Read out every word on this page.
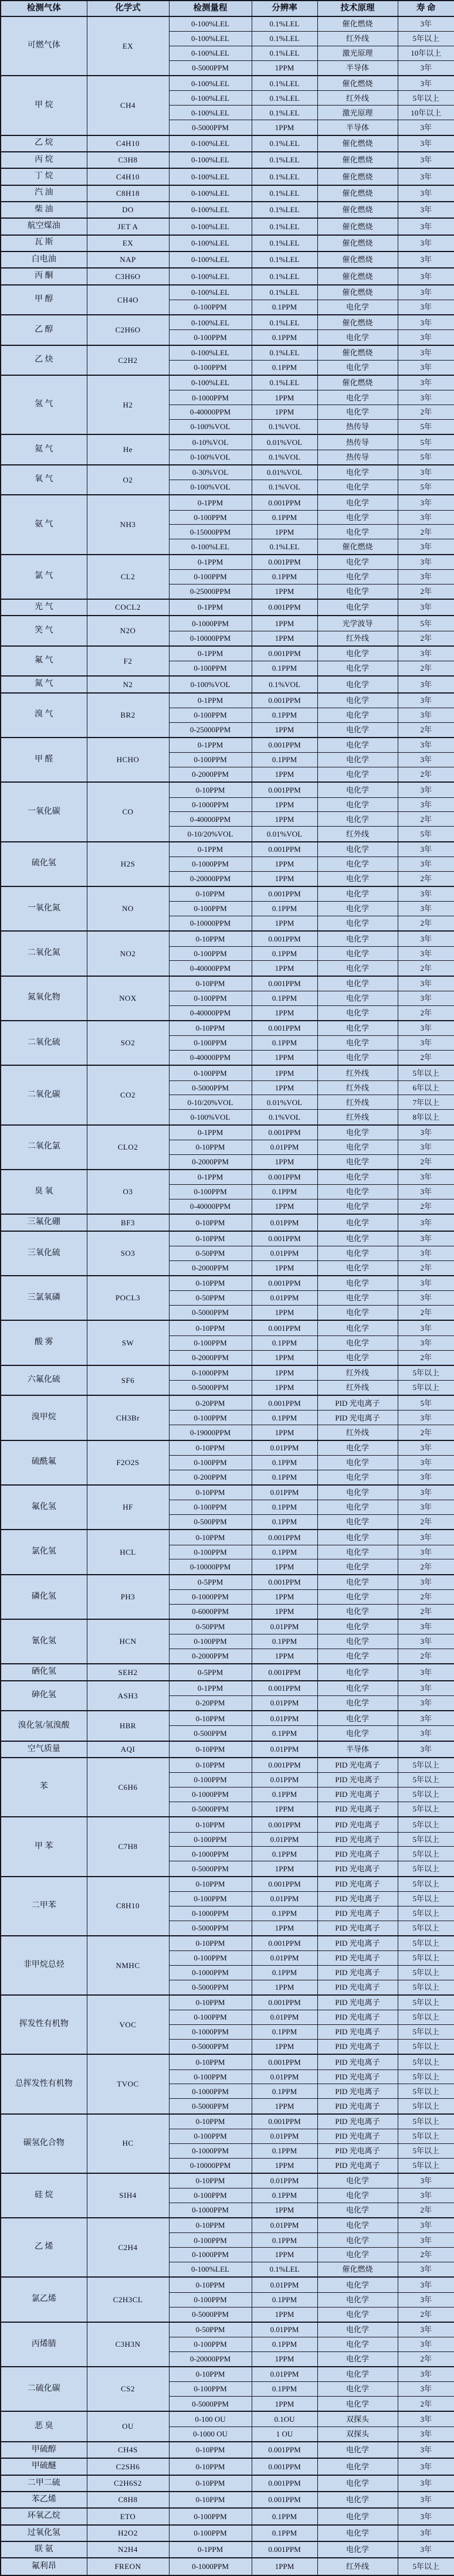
检测气体	化学式	检测量程	分辨率	技术原理	寿 命
可燃气体	EX	0-100%LEL	0.1%LEL	催化燃烧	3年
		0-100%LEL	0.1%LEL	红外线	5年以上
		0-100%LEL	0.1%LEL	激光原理	10年以上
		0-5000PPM	1PPM	半导体	3年
甲 烷	CH4	0-100%LEL	0.1%LEL	催化燃烧	3年
		0-100%LEL	0.1%LEL	红外线	5年以上
		0-100%LEL	0.1%LEL	激光原理	10年以上
		0-5000PPM	1PPM	半导体	3年
乙 烷	C4H10	0-100%LEL	0.1%LEL	催化燃烧	3年
丙 烷	C3H8	0-100%LEL	0.1%LEL	催化燃烧	3年
丁 烷	C4H10	0-100%LEL	0.1%LEL	催化燃烧	3年
汽 油	C8H18	0-100%LEL	0.1%LEL	催化燃烧	3年
柴 油	DO	0-100%LEL	0.1%LEL	催化燃烧	3年
航空煤油	JET A	0-100%LEL	0.1%LEL	催化燃烧	3年
瓦 斯	EX	0-100%LEL	0.1%LEL	催化燃烧	3年
白电油	NAP	0-100%LEL	0.1%LEL	催化燃烧	3年
丙 酮	C3H6O	0-100%LEL	0.1%LEL	催化燃烧	3年
甲 醇	CH4O	0-100%LEL	0.1%LEL	催化燃烧	3年
		0-100PPM	0.1PPM	电化学	3年
乙 醇	C2H6O	0-100%LEL	0.1%LEL	催化燃烧	3年
		0-100PPM	0.1PPM	电化学	3年
乙 炔	C2H2	0-100%LEL	0.1%LEL	催化燃烧	3年
		0-100PPM	0.1PPM	电化学	3年
氢 气	H2	0-100%LEL	0.1%LEL	催化燃烧	3年
		0-1000PPM	1PPM	电化学	3年
		0-40000PPM	1PPM	电化学	2年
		0-100%VOL	0.1%VOL	热传导	5年
氦 气	He	0-10%VOL	0.01%VOL	热传导	5年
		0-100%VOL	0.1%VOL	热传导	5年
氧 气	O2	0-30%VOL	0.01%VOL	电化学	3年
		0-100%VOL	0.1%VOL	电化学	5年
氨 气	NH3	0-1PPM	0.001PPM	电化学	3年
		0-100PPM	0.1PPM	电化学	3年
		0-15000PPM	1PPM	电化学	2年
		0-100%LEL	0.1%LEL	催化燃烧	3年
氯 气	CL2	0-1PPM	0.001PPM	电化学	3年
		0-100PPM	0.1PPM	电化学	3年
		0-25000PPM	1PPM	电化学	2年
光 气	COCL2	0-1PPM	0.001PPM	电化学	3年
笑 气	N2O	0-1000PPM	1PPM	光学波导	5年
		0-10000PPM	1PPM	红外线	2年
氟 气	F2	0-1PPM	0.001PPM	电化学	3年
		0-100PPM	0.1PPM	电化学	2年
氮 气	N2	0-100%VOL	0.1%VOL	电化学	3年
溴 气	BR2	0-1PPM	0.001PPM	电化学	3年
		0-100PPM	0.1PPM	电化学	3年
		0-25000PPM	1PPM	电化学	2年
甲 醛	HCHO	0-1PPM	0.001PPM	电化学	3年
		0-100PPM	0.1PPM	电化学	3年
		0-2000PPM	1PPM	电化学	2年
一氧化碳	CO	0-10PPM	0.001PPM	电化学	3年
		0-1000PPM	1PPM	电化学	3年
		0-40000PPM	1PPM	电化学	2年
		0-10/20%VOL	0.01%VOL	红外线	5年
硫化氢	H2S	0-1PPM	0.001PPM	电化学	3年
		0-1000PPM	1PPM	电化学	3年
		0-20000PPM	1PPM	电化学	2年
一氧化氮	NO	0-10PPM	0.001PPM	电化学	3年
		0-100PPM	0.1PPM	电化学	3年
		0-10000PPM	1PPM	电化学	2年
二氧化氮	NO2	0-10PPM	0.001PPM	电化学	3年
		0-100PPM	0.1PPM	电化学	3年
		0-40000PPM	1PPM	电化学	2年
氮氧化物	NOX	0-10PPM	0.001PPM	电化学	3年
		0-100PPM	0.1PPM	电化学	3年
		0-40000PPM	1PPM	电化学	2年
二氧化硫	SO2	0-10PPM	0.001PPM	电化学	3年
		0-100PPM	0.1PPM	电化学	3年
		0-40000PPM	1PPM	电化学	2年
二氧化碳	CO2	0-100PPM	1PPM	红外线	5年以上
		0-5000PPM	1PPM	红外线	6年以上
		0-10/20%VOL	0.01%VOL	红外线	7年以上
		0-100%VOL	0.1%VOL	红外线	8年以上
二氧化氯	CLO2	0-1PPM	0.001PPM	电化学	3年
		0-10PPM	0.01PPM	电化学	3年
		0-2000PPM	1PPM	电化学	2年
臭 氧	O3	0-1PPM	0.001PPM	电化学	3年
		0-100PPM	0.1PPM	电化学	3年
		0-40000PPM	1PPM	电化学	2年
三氟化硼	BF3	0-10PPM	0.01PPM	电化学	3年
三氧化硫	SO3	0-10PPM	0.001PPM	电化学	3年
		0-50PPM	0.01PPM	电化学	3年
		0-2000PPM	1PPM	电化学	2年
三氯氧磷	POCL3	0-10PPM	0.001PPM	电化学	3年
		0-50PPM	0.01PPM	电化学	3年
		0-5000PPM	1PPM	电化学	2年
酸 雾	SW	0-10PPM	0.001PPM	电化学	3年
		0-100PPM	0.1PPM	电化学	3年
		0-2000PPM	1PPM	电化学	2年
六氟化硫	SF6	0-1000PPM	1PPM	红外线	5年以上
		0-5000PPM	1PPM	红外线	5年以上
溴甲烷	CH3Br	0-20PPM	0.001PPM	PID 光电离子	5年
		0-100PPM	0.1PPM	PID 光电离子	3年
		0-19000PPM	1PPM	红外线	2年
硫酰氟	F2O2S	0-10PPM	0.01PPM	电化学	3年
		0-100PPM	0.1PPM	电化学	3年
		0-200PPM	0.1PPM	电化学	3年
氟化氢	HF	0-10PPM	0.01PPM	电化学	3年
		0-100PPM	0.1PPM	电化学	3年
		0-500PPM	0.1PPM	电化学	2年
氯化氢	HCL	0-10PPM	0.001PPM	电化学	3年
		0-100PPM	0.1PPM	电化学	3年
		0-10000PPM	1PPM	电化学	2年
磷化氢	PH3	0-5PPM	0.001PPM	电化学	3年
		0-1000PPM	1PPM	电化学	2年
		0-6000PPM	1PPM	电化学	2年
氰化氢	HCN	0-50PPM	0.01PPM	电化学	3年
		0-100PPM	0.1PPM	电化学	3年
		0-2000PPM	1PPM	电化学	2年
硒化氢	SEH2	0-5PPM	0.001PPM	电化学	3年
砷化氢	ASH3	0-1PPM	0.001PPM	电化学	3年
		0-20PPM	0.01PPM	电化学	3年
溴化氢/氢溴酸	HBR	0-10PPM	0.01PPM	电化学	3年
		0-500PPM	0.1PPM	电化学	3年
空气质量	AQI	0-10PPM	0.01PPM	半导体	3年
苯	C6H6	0-10PPM	0.001PPM	PID 光电离子	5年以上
		0-100PPM	0.01PPM	PID 光电离子	5年以上
		0-1000PPM	0.1PPM	PID 光电离子	5年以上
		0-5000PPM	1PPM	PID 光电离子	5年以上
甲 苯	C7H8	0-10PPM	0.001PPM	PID 光电离子	5年以上
		0-100PPM	0.01PPM	PID 光电离子	5年以上
		0-1000PPM	0.1PPM	PID 光电离子	5年以上
		0-5000PPM	1PPM	PID 光电离子	5年以上
二甲苯	C8H10	0-10PPM	0.001PPM	PID 光电离子	5年以上
		0-100PPM	0.01PPM	PID 光电离子	5年以上
		0-1000PPM	0.1PPM	PID 光电离子	5年以上
		0-5000PPM	1PPM	PID 光电离子	5年以上
非甲烷总烃	NMHC	0-10PPM	0.001PPM	PID 光电离子	5年以上
		0-100PPM	0.01PPM	PID 光电离子	5年以上
		0-1000PPM	0.1PPM	PID 光电离子	5年以上
		0-5000PPM	1PPM	PID 光电离子	5年以上
挥发性有机物	VOC	0-10PPM	0.001PPM	PID 光电离子	5年以上
		0-100PPM	0.01PPM	PID 光电离子	5年以上
		0-1000PPM	0.1PPM	PID 光电离子	5年以上
		0-5000PPM	1PPM	PID 光电离子	5年以上
总挥发性有机物	TVOC	0-10PPM	0.001PPM	PID 光电离子	5年以上
		0-100PPM	0.01PPM	PID 光电离子	5年以上
		0-1000PPM	0.1PPM	PID 光电离子	5年以上
		0-5000PPM	1PPM	PID 光电离子	5年以上
碳氢化合物	HC	0-10PPM	0.001PPM	PID 光电离子	5年以上
		0-100PPM	0.01PPM	PID 光电离子	5年以上
		0-1000PPM	0.1PPM	PID 光电离子	5年以上
		0-10000PPM	1PPM	PID 光电离子	5年以上
硅 烷	SIH4	0-10PPM	0.01PPM	电化学	3年
		0-100PPM	0.1PPM	电化学	3年
		0-1000PPM	1PPM	电化学	2年
乙 烯	C2H4	0-10PPM	0.01PPM	电化学	3年
		0-100PPM	0.1PPM	电化学	3年
		0-1000PPM	1PPM	电化学	2年
		0-100%LEL	0.1%LEL	催化燃烧	3年
氯乙烯	C2H3CL	0-10PPM	0.01PPM	电化学	3年
		0-100PPM	0.1PPM	电化学	3年
		0-5000PPM	1PPM	电化学	2年
丙烯腈	C3H3N	0-50PPM	0.01PPM	电化学	3年
		0-100PPM	0.1PPM	电化学	3年
		0-20000PPM	1PPM	电化学	2年
二硫化碳	CS2	0-10PPM	0.01PPM	电化学	3年
		0-100PPM	0.1PPM	电化学	3年
		0-5000PPM	1PPM	电化学	2年
恶 臭	OU	0-100 OU	0.1OU	双探头	3年
		0-1000 OU	1 OU	双探头	3年
甲硫醇	CH4S	0-10PPM	0.001PPM	电化学	3年
甲硫醚	C2SH6	0-10PPM	0.001PPM	电化学	3年
二甲二硫	C2H6S2	0-10PPM	0.001PPM	电化学	3年
苯乙烯	C8H8	0-10PPM	0.001PPM	电化学	3年
环氧乙烷	ETO	0-100PPM	0.1PPM	电化学	3年
过氧化氢	H2O2	0-100PPM	0.1PPM	电化学	3年
联 氨	N2H4	0-1PPM	0.001PPM	电化学	3年
氟利昂	FREON	0-1000PPM	1PPM	红外线	5年以上
